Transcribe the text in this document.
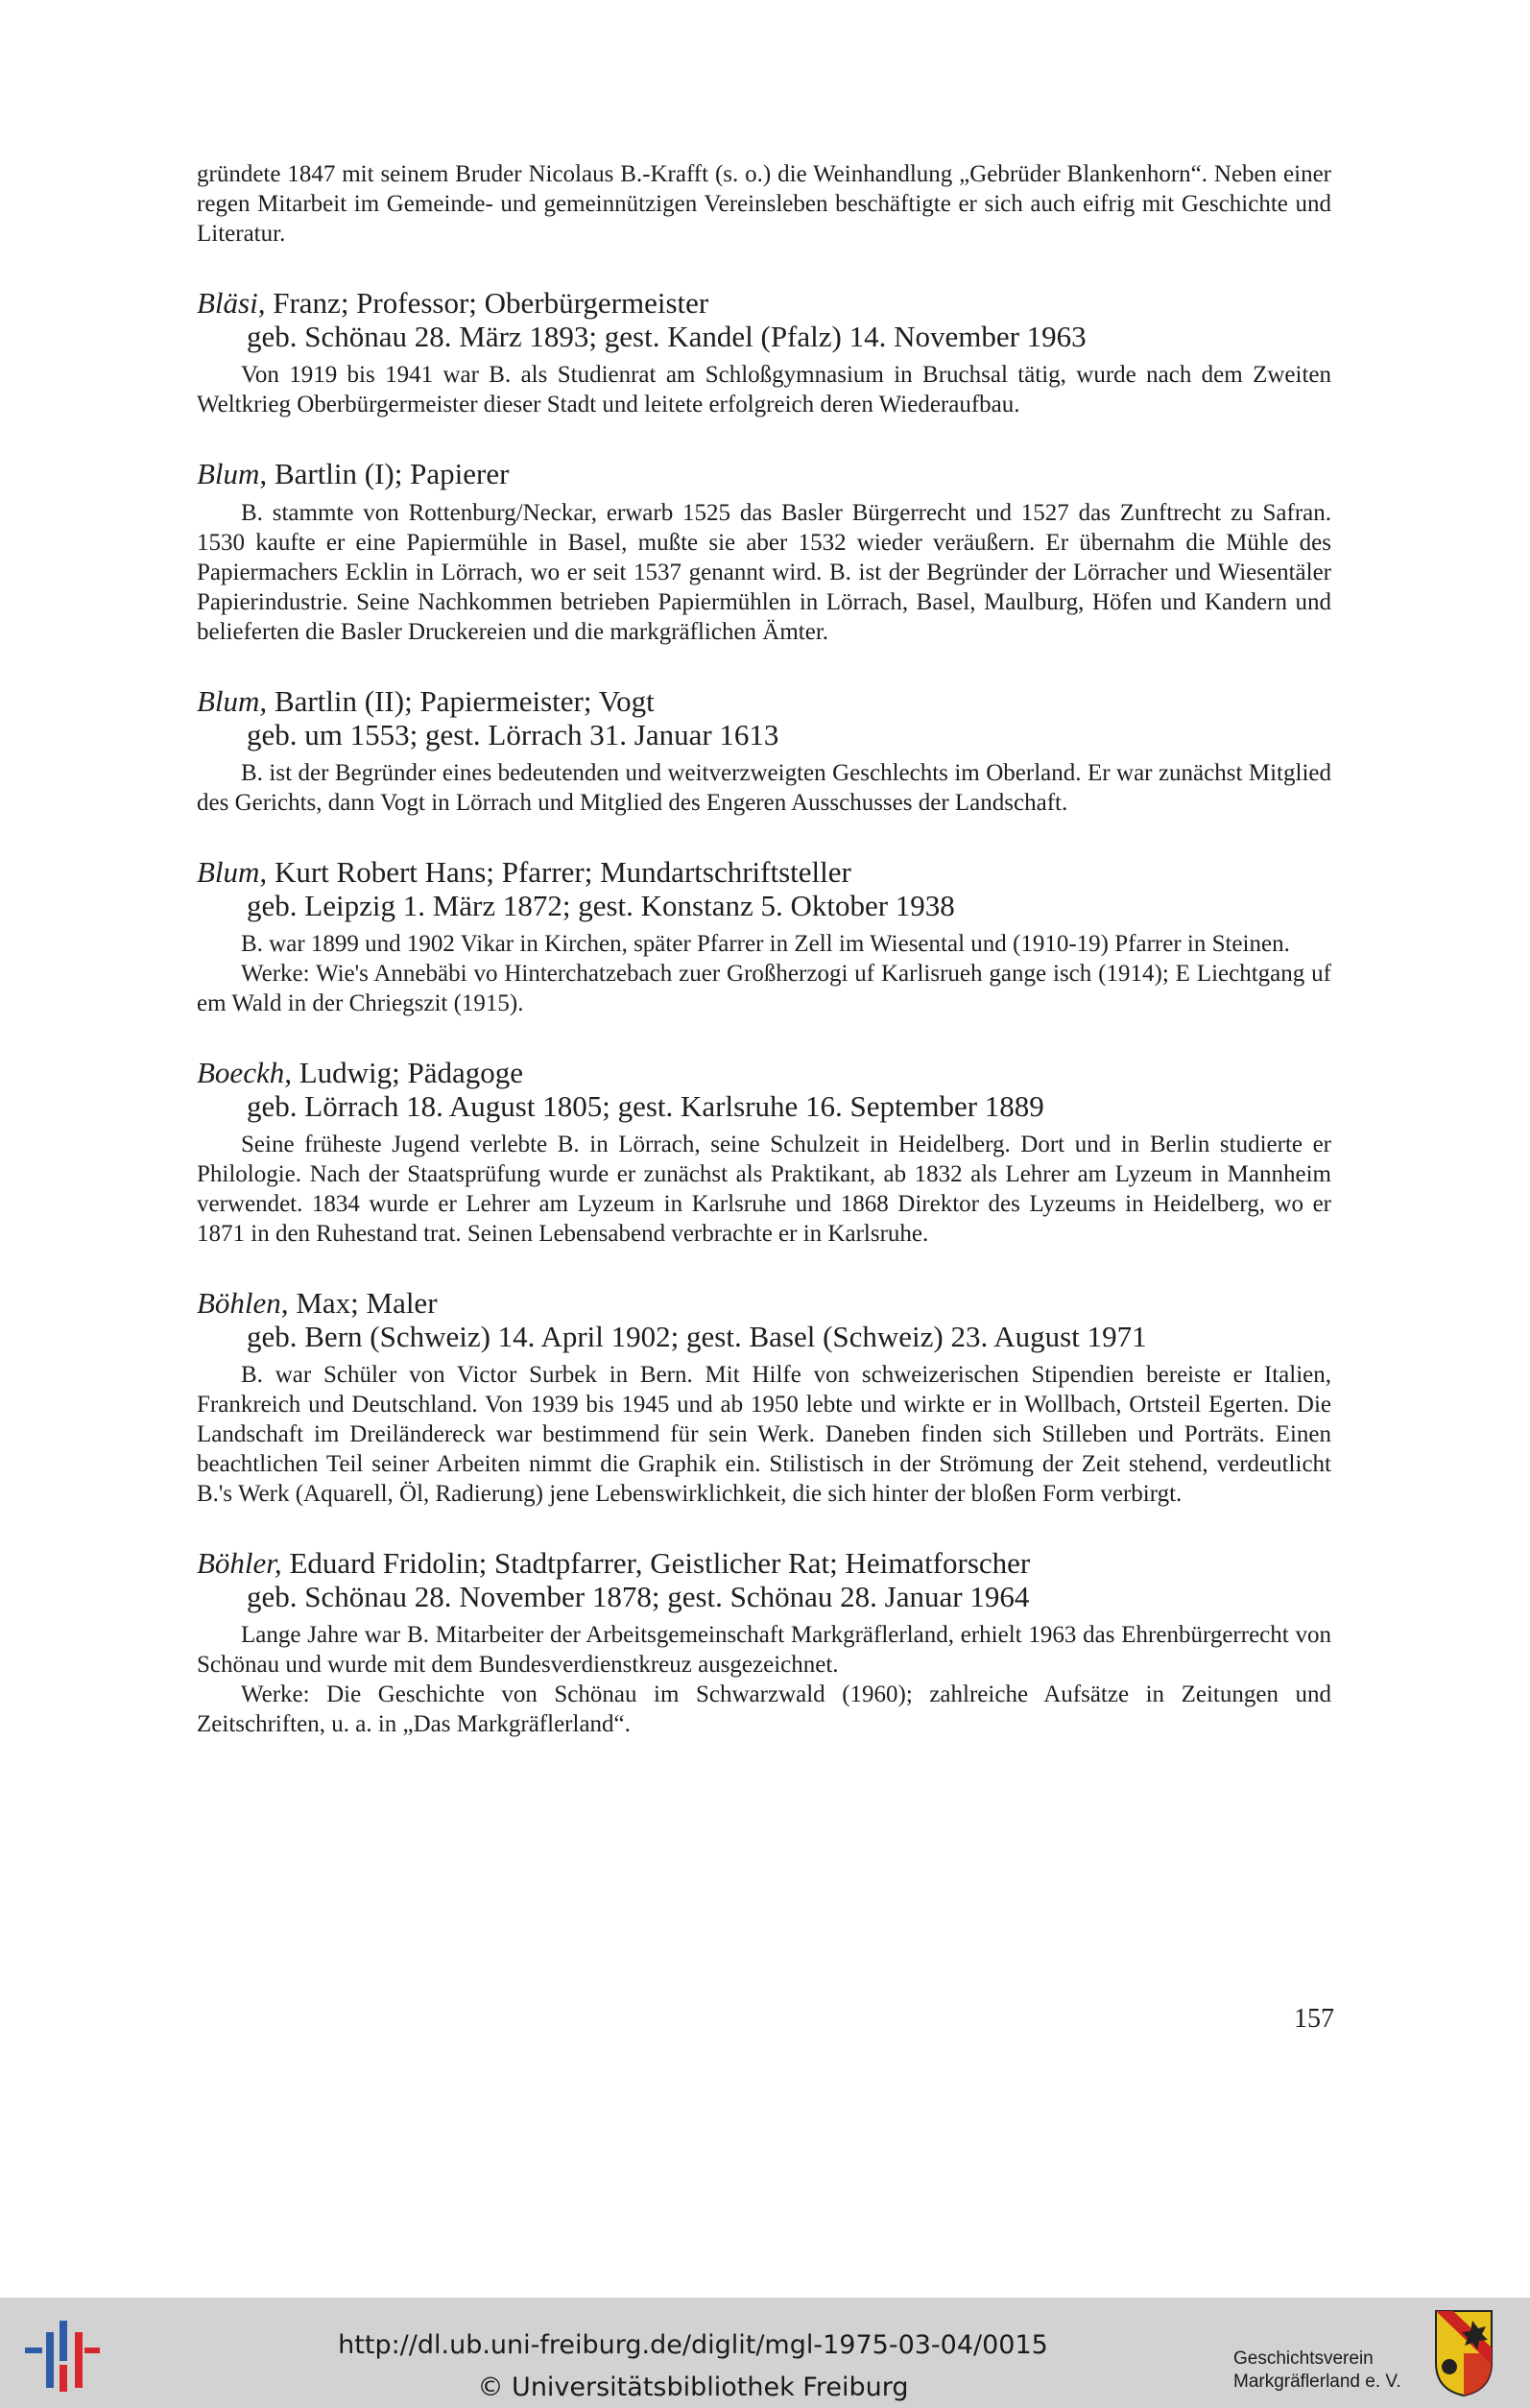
gründete 1847 mit seinem Bruder Nicolaus B.-Krafft (s. o.) die Weinhandlung „Gebrüder Blankenhorn“. Neben einer regen Mitarbeit im Gemeinde- und gemeinnützigen Vereinsleben beschäftigte er sich auch eifrig mit Geschichte und Literatur.

Bläsi, Franz; Professor; Oberbürgermeister

geb. Schönau 28. März 1893; gest. Kandel (Pfalz) 14. November 1963

Von 1919 bis 1941 war B. als Studienrat am Schloßgymnasium in Bruchsal tätig, wurde nach dem Zweiten Weltkrieg Oberbürgermeister dieser Stadt und leitete erfolgreich deren Wiederaufbau.

Blum, Bartlin (I); Papierer

B. stammte von Rottenburg/Neckar, erwarb 1525 das Basler Bürgerrecht und 1527 das Zunftrecht zu Safran. 1530 kaufte er eine Papiermühle in Basel, mußte sie aber 1532 wieder veräußern. Er übernahm die Mühle des Papiermachers Ecklin in Lörrach, wo er seit 1537 genannt wird. B. ist der Begründer der Lörracher und Wiesentäler Papierindustrie. Seine Nachkommen betrieben Papiermühlen in Lörrach, Basel, Maulburg, Höfen und Kandern und belieferten die Basler Druckereien und die markgräflichen Ämter.

Blum, Bartlin (II); Papiermeister; Vogt

geb. um 1553; gest. Lörrach 31. Januar 1613

B. ist der Begründer eines bedeutenden und weitverzweigten Geschlechts im Oberland. Er war zunächst Mitglied des Gerichts, dann Vogt in Lörrach und Mitglied des Engeren Ausschusses der Landschaft.

Blum, Kurt Robert Hans; Pfarrer; Mundartschriftsteller

geb. Leipzig 1. März 1872; gest. Konstanz 5. Oktober 1938

B. war 1899 und 1902 Vikar in Kirchen, später Pfarrer in Zell im Wiesental und (1910-19) Pfarrer in Steinen.

Werke: Wie's Annebäbi vo Hinterchatzebach zuer Großherzogi uf Karlisrueh gange isch (1914); E Liechtgang uf em Wald in der Chriegszit (1915).

Boeckh, Ludwig; Pädagoge

geb. Lörrach 18. August 1805; gest. Karlsruhe 16. September 1889

Seine früheste Jugend verlebte B. in Lörrach, seine Schulzeit in Heidelberg. Dort und in Berlin studierte er Philologie. Nach der Staatsprüfung wurde er zunächst als Praktikant, ab 1832 als Lehrer am Lyzeum in Mannheim verwendet. 1834 wurde er Lehrer am Lyzeum in Karlsruhe und 1868 Direktor des Lyzeums in Heidelberg, wo er 1871 in den Ruhestand trat. Seinen Lebensabend verbrachte er in Karlsruhe.

Böhlen, Max; Maler

geb. Bern (Schweiz) 14. April 1902; gest. Basel (Schweiz) 23. August 1971

B. war Schüler von Victor Surbek in Bern. Mit Hilfe von schweizerischen Stipendien bereiste er Italien, Frankreich und Deutschland. Von 1939 bis 1945 und ab 1950 lebte und wirkte er in Wollbach, Ortsteil Egerten. Die Landschaft im Dreiländereck war bestimmend für sein Werk. Daneben finden sich Stilleben und Porträts. Einen beachtlichen Teil seiner Arbeiten nimmt die Graphik ein. Stilistisch in der Strömung der Zeit stehend, verdeutlicht B.'s Werk (Aquarell, Öl, Radierung) jene Lebenswirklichkeit, die sich hinter der bloßen Form verbirgt.

Böhler, Eduard Fridolin; Stadtpfarrer, Geistlicher Rat; Heimatforscher

geb. Schönau 28. November 1878; gest. Schönau 28. Januar 1964

Lange Jahre war B. Mitarbeiter der Arbeitsgemeinschaft Markgräflerland, erhielt 1963 das Ehrenbürgerrecht von Schönau und wurde mit dem Bundesverdienstkreuz ausgezeichnet.

Werke: Die Geschichte von Schönau im Schwarzwald (1960); zahlreiche Aufsätze in Zeitungen und Zeitschriften, u. a. in „Das Markgräflerland“.

157
http://dl.ub.uni-freiburg.de/diglit/mgl-1975-03-04/0015
© Universitätsbibliothek Freiburg
Geschichtsverein
Markgräflerland e. V.
